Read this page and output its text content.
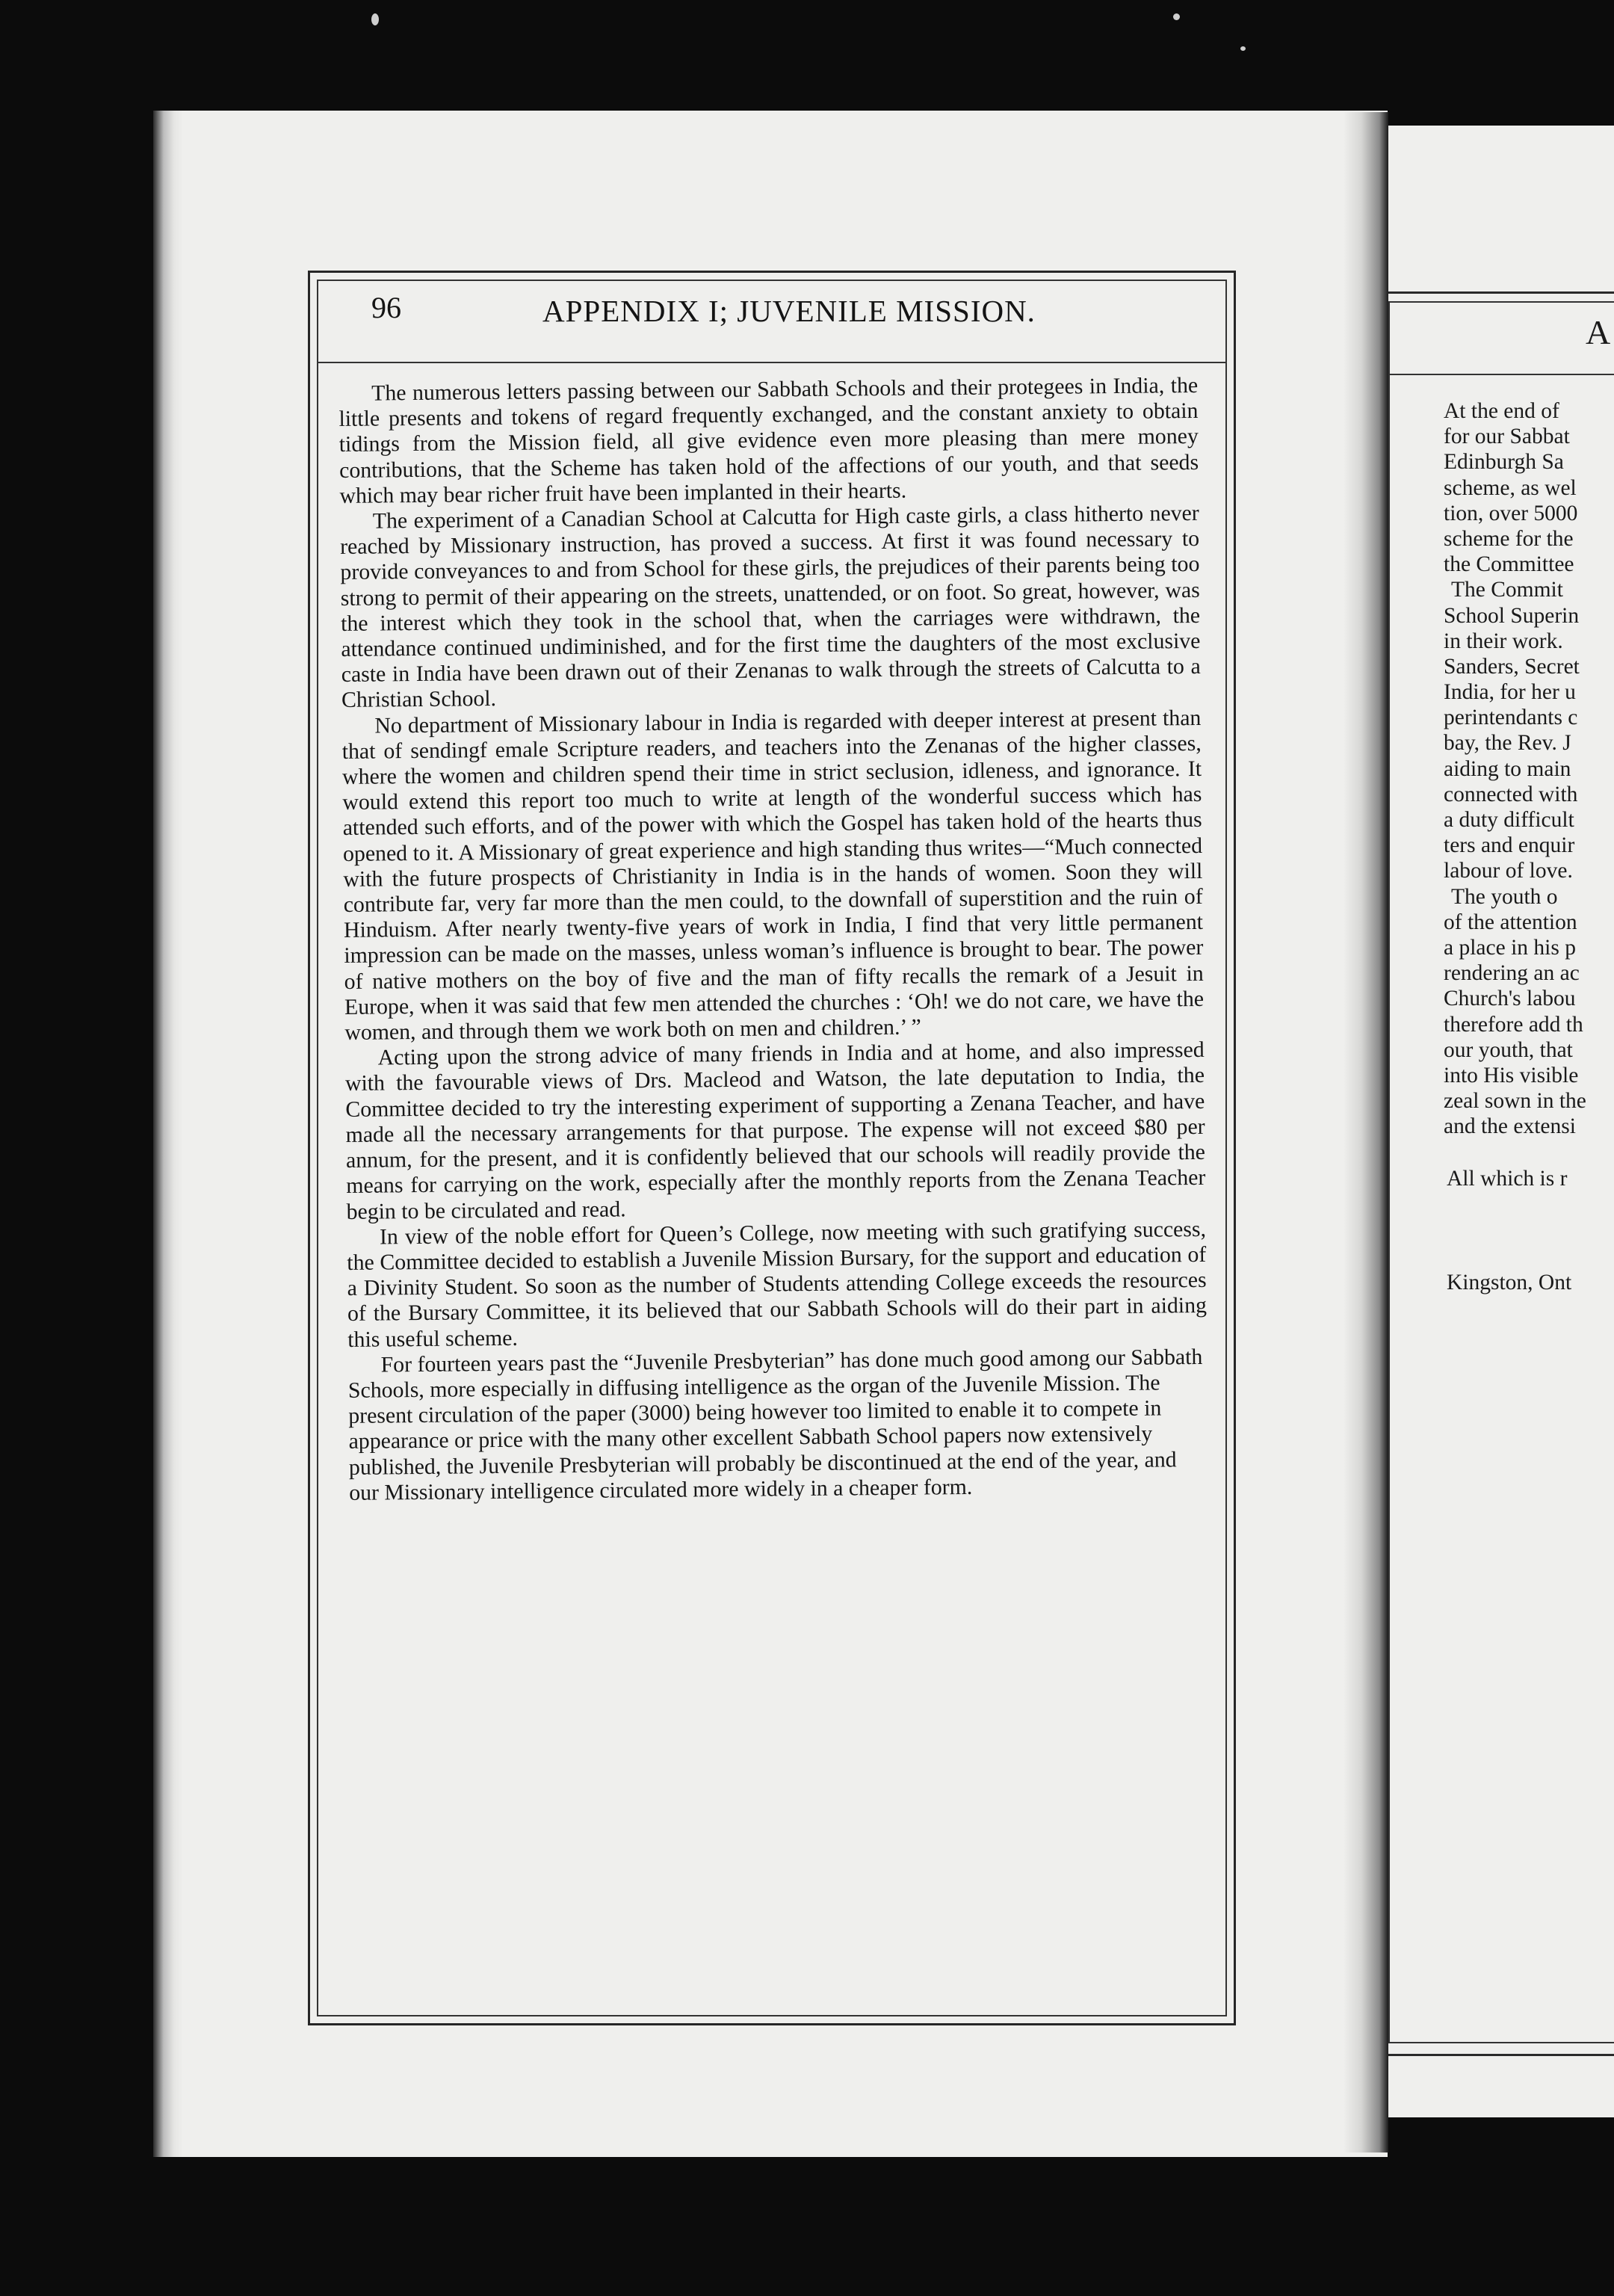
A
At the end of
for our Sabbat
Edinburgh Sa
scheme, as wel
tion, over 5000
scheme for the
the Committee
The Commit
School Superin
in their work.
Sanders, Secret
India, for her u
perintendants c
bay, the Rev. J
aiding to main
connected with
a duty difficult
ters and enquir
labour of love.
The youth o
of the attention
a place in his p
rendering an ac
Church's labou
therefore add th
our youth, that
into His visible
zeal sown in the
and the extensi
All which is r
Kingston, Ont
96	APPENDIX I; JUVENILE MISSION.

The numerous letters passing between our Sabbath Schools and their protegees in India, the little presents and tokens of regard frequently exchanged, and the constant anxiety to obtain tidings from the Mission field, all give evidence even more pleasing than mere money contributions, that the Scheme has taken hold of the affections of our youth, and that seeds which may bear richer fruit have been implanted in their hearts.

The experiment of a Canadian School at Calcutta for High caste girls, a class hitherto never reached by Missionary instruction, has proved a success. At first it was found necessary to provide conveyances to and from School for these girls, the prejudices of their parents being too strong to permit of their appearing on the streets, unattended, or on foot. So great, however, was the interest which they took in the school that, when the carriages were withdrawn, the attendance continued undiminished, and for the first time the daughters of the most exclusive caste in India have been drawn out of their Zenanas to walk through the streets of Calcutta to a Christian School.

No department of Missionary labour in India is regarded with deeper interest at present than that of sendingf emale Scripture readers, and teachers into the Zenanas of the higher classes, where the women and children spend their time in strict seclusion, idleness, and ignorance. It would extend this report too much to write at length of the wonderful success which has attended such efforts, and of the power with which the Gospel has taken hold of the hearts thus opened to it. A Missionary of great experience and high standing thus writes—“Much connected with the future prospects of Christianity in India is in the hands of women. Soon they will contribute far, very far more than the men could, to the downfall of superstition and the ruin of Hinduism. After nearly twenty-five years of work in India, I find that very little permanent impression can be made on the masses, unless woman’s influence is brought to bear. The power of native mothers on the boy of five and the man of fifty recalls the remark of a Jesuit in Europe, when it was said that few men attended the churches : ‘Oh! we do not care, we have the women, and through them we work both on men and children.’ ”

Acting upon the strong advice of many friends in India and at home, and also impressed with the favourable views of Drs. Macleod and Watson, the late deputation to India, the Committee decided to try the interesting experiment of supporting a Zenana Teacher, and have made all the necessary arrangements for that purpose. The expense will not exceed $80 per annum, for the present, and it is confidently believed that our schools will readily provide the means for carrying on the work, especially after the monthly reports from the Zenana Teacher begin to be circulated and read.

In view of the noble effort for Queen’s College, now meeting with such gratifying success, the Committee decided to establish a Juvenile Mission Bursary, for the support and education of a Divinity Student. So soon as the number of Students attending College exceeds the resources of the Bursary Committee, it its believed that our Sabbath Schools will do their part in aiding this useful scheme.

For fourteen years past the “Juvenile Presbyterian” has done much good among our Sabbath Schools, more especially in diffusing intelligence as the organ of the Juvenile Mission. The present circulation of the paper (3000) being however too limited to enable it to compete in appearance or price with the many other excellent Sabbath School papers now extensively published, the Juvenile Presbyterian will probably be discontinued at the end of the year, and our Missionary intelligence circulated more widely in a cheaper form.
